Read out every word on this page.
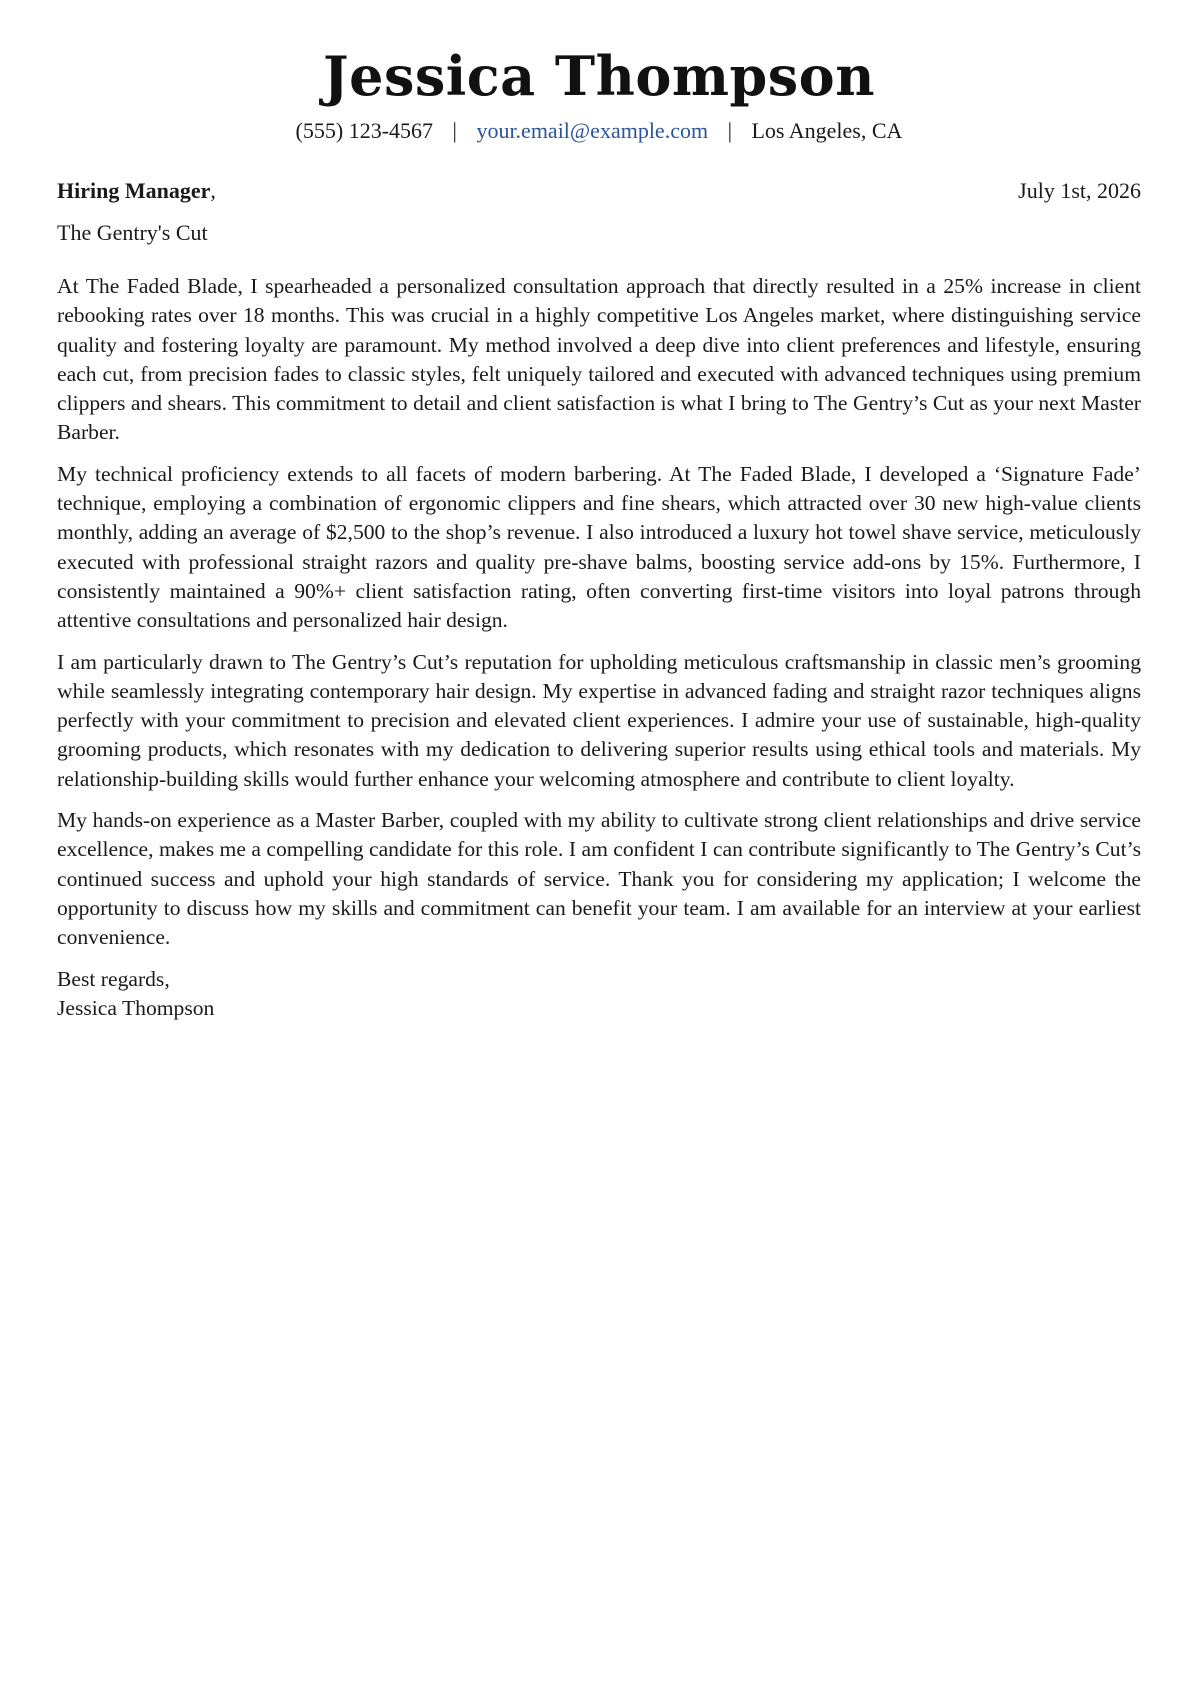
Jessica Thompson
(555) 123-4567 | your.email@example.com | Los Angeles, CA
Hiring Manager,	July 1st, 2026
The Gentry's Cut

At The Faded Blade, I spearheaded a personalized consultation approach that directly resulted in a 25% increase in client rebooking rates over 18 months. This was crucial in a highly competitive Los Angeles market, where distinguishing service quality and fostering loyalty are paramount. My method involved a deep dive into client preferences and lifestyle, ensuring each cut, from precision fades to classic styles, felt uniquely tailored and executed with advanced techniques using premium clippers and shears. This commitment to detail and client satisfaction is what I bring to The Gentry’s Cut as your next Master Barber.

My technical proficiency extends to all facets of modern barbering. At The Faded Blade, I developed a ‘Signature Fade’ technique, employing a combination of ergonomic clippers and fine shears, which attracted over 30 new high-value clients monthly, adding an average of $2,500 to the shop’s revenue. I also introduced a luxury hot towel shave service, meticulously executed with professional straight razors and quality pre-shave balms, boosting service add-ons by 15%. Furthermore, I consistently maintained a 90%+ client satisfaction rating, often converting first-time visitors into loyal patrons through attentive consultations and personalized hair design.

I am particularly drawn to The Gentry’s Cut’s reputation for upholding meticulous craftsmanship in classic men’s grooming while seamlessly integrating contemporary hair design. My expertise in advanced fading and straight razor techniques aligns perfectly with your commitment to precision and elevated client experiences. I admire your use of sustainable, high-quality grooming products, which resonates with my dedication to delivering superior results using ethical tools and materials. My relationship-building skills would further enhance your welcoming atmosphere and contribute to client loyalty.

My hands-on experience as a Master Barber, coupled with my ability to cultivate strong client relationships and drive service excellence, makes me a compelling candidate for this role. I am confident I can contribute significantly to The Gentry’s Cut’s continued success and uphold your high standards of service. Thank you for considering my application; I welcome the opportunity to discuss how my skills and commitment can benefit your team. I am available for an interview at your earliest convenience.

Best regards,
Jessica Thompson
